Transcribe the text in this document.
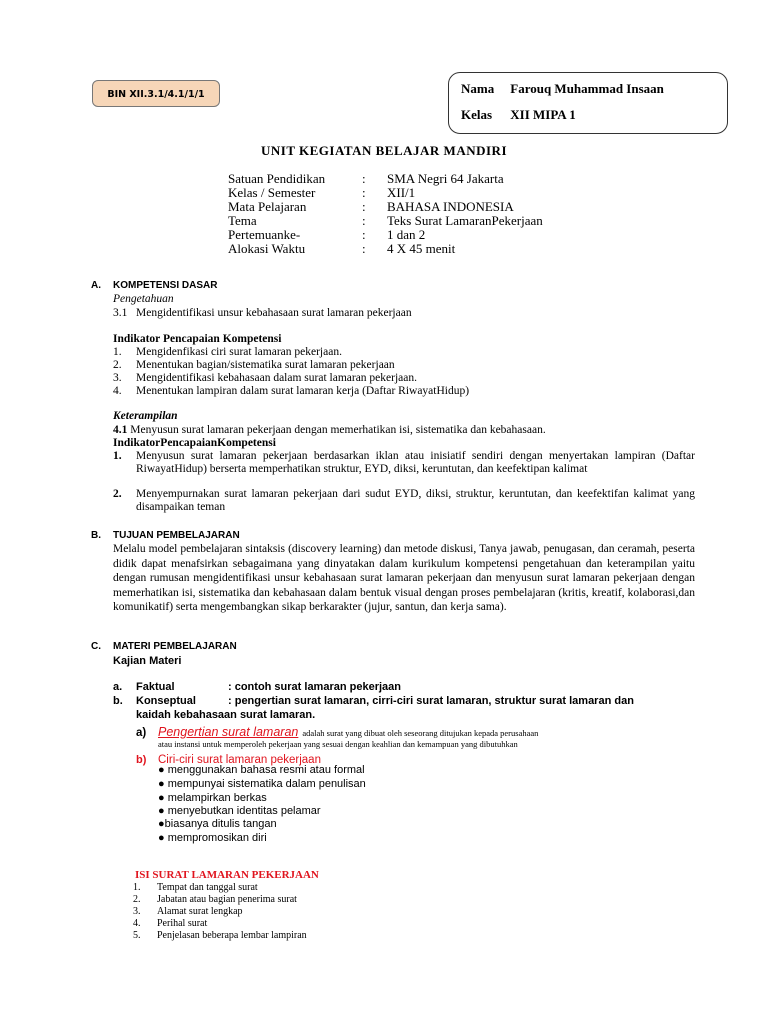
BIN XII.3.1/4.1/1/1	Nama Farouq Muhammad Insaan
Kelas XII MIPA 1
UNIT KEGIATAN BELAJAR MANDIRI
Satuan Pendidikan	: SMA Negri 64 Jakarta
Kelas / Semester	: XII/1
Mata Pelajaran	: BAHASA INDONESIA
Tema	: Teks Surat LamaranPekerjaan
Pertemuanke-	: 1 dan 2
Alokasi Waktu	: 4 X 45 menit
A. KOMPETENSI DASAR
Pengetahuan
3.1 Mengidentifikasi unsur kebahasaan surat lamaran pekerjaan
Indikator Pencapaian Kompetensi
1. Mengidenfikasi ciri surat lamaran pekerjaan.
2. Menentukan bagian/sistematika surat lamaran pekerjaan
3. Mengidentifikasi kebahasaan dalam surat lamaran pekerjaan.
4. Menentukan lampiran dalam surat lamaran kerja (Daftar RiwayatHidup)
Keterampilan
4.1 Menyusun surat lamaran pekerjaan dengan memerhatikan isi, sistematika dan kebahasaan.
IndikatorPencapaianKompetensi
1. Menyusun surat lamaran pekerjaan berdasarkan iklan atau inisiatif sendiri dengan menyertakan lampiran (Daftar RiwayatHidup) berserta memperhatikan struktur, EYD, diksi, keruntutan, dan keefektipan kalimat
2. Menyempurnakan surat lamaran pekerjaan dari sudut EYD, diksi, struktur, keruntutan, dan keefektifan kalimat yang disampaikan teman
B. TUJUAN PEMBELAJARAN
Melalu model pembelajaran sintaksis (discovery learning) dan metode diskusi, Tanya jawab, penugasan, dan ceramah, peserta didik dapat menafsirkan sebagaimana yang dinyatakan dalam kurikulum kompetensi pengetahuan dan keterampilan yaitu dengan rumusan mengidentifikasi unsur kebahasaan surat lamaran pekerjaan dan menyusun surat lamaran pekerjaan dengan memerhatikan isi, sistematika dan kebahasaan dalam bentuk visual dengan proses pembelajaran (kritis, kreatif, kolaborasi,dan komunikatif) serta mengembangkan sikap berkarakter (jujur, santun, dan kerja sama).
C. MATERI PEMBELAJARAN
Kajian Materi
a. Faktual	: contoh surat lamaran pekerjaan
b. Konseptual	: pengertian surat lamaran, cirri-ciri surat lamaran, struktur surat lamaran dan
kaidah kebahasaan surat lamaran.
a) Pengertian surat lamaran adalah surat yang dibuat oleh seseorang ditujukan kepada perusahaan
atau instansi untuk memperoleh pekerjaan yang sesuai dengan keahlian dan kemampuan yang dibutuhkan
b) Ciri-ciri surat lamaran pekerjaan
● menggunakan bahasa resmi atau formal
● mempunyai sistematika dalam penulisan
● melampirkan berkas
● menyebutkan identitas pelamar
●biasanya ditulis tangan
● mempromosikan diri
ISI SURAT LAMARAN PEKERJAAN
1. Tempat dan tanggal surat
2. Jabatan atau bagian penerima surat
3. Alamat surat lengkap
4. Perihal surat
5. Penjelasan beberapa lembar lampiran
